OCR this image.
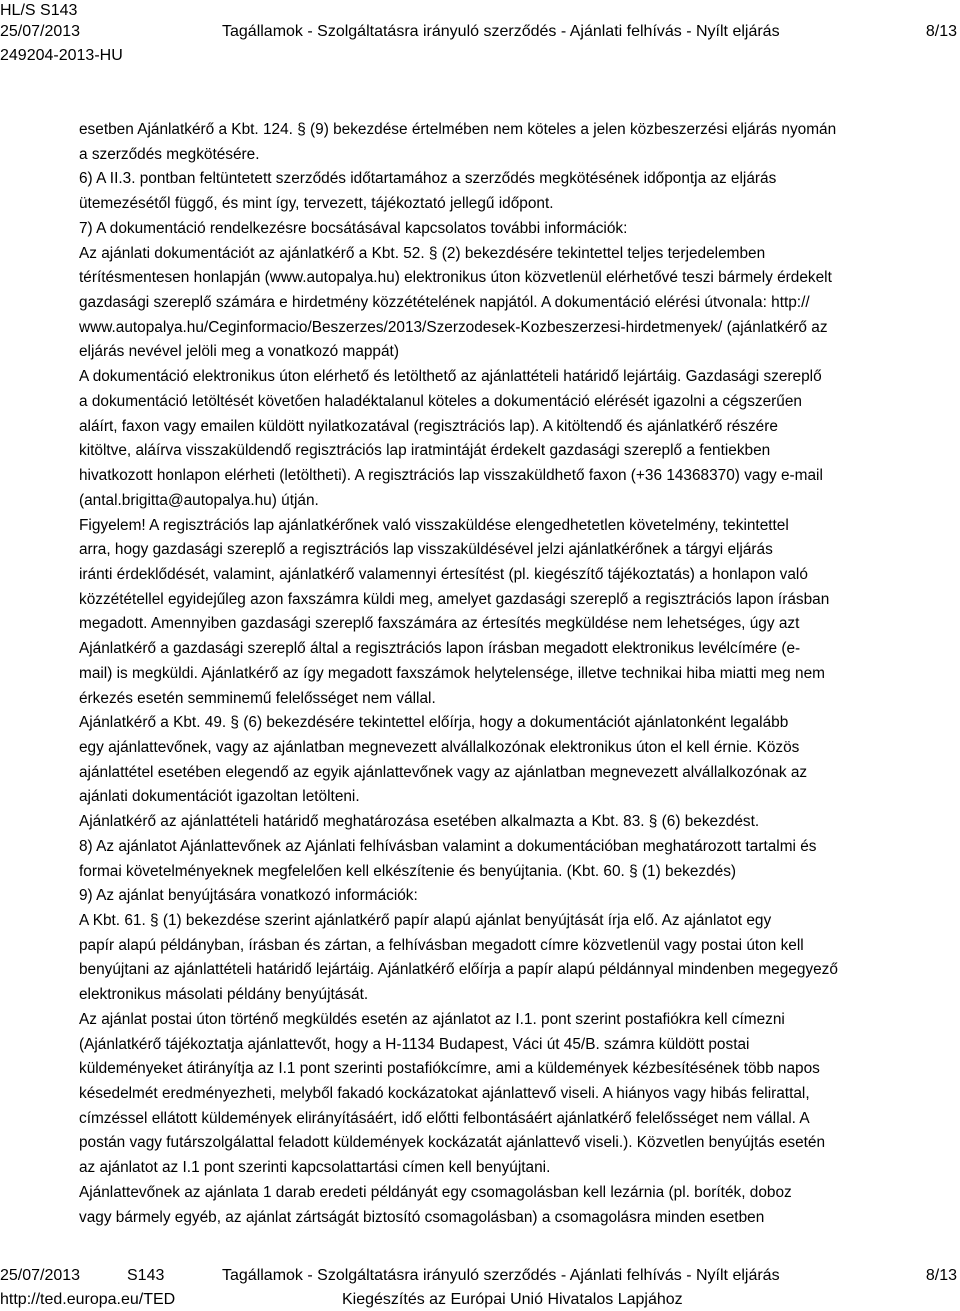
HL/S S143
25/07/2013	Tagállamok - Szolgáltatásra irányuló szerződés - Ajánlati felhívás - Nyílt eljárás	8/13
249204-2013-HU

esetben Ajánlatkérő a Kbt. 124. § (9) bekezdése értelmében nem köteles a jelen közbeszerzési eljárás nyomán

a szerződés megkötésére.

6) A II.3. pontban feltüntetett szerződés időtartamához a szerződés megkötésének időpontja az eljárás

ütemezésétől függő, és mint így, tervezett, tájékoztató jellegű időpont.

7) A dokumentáció rendelkezésre bocsátásával kapcsolatos további információk:

Az ajánlati dokumentációt az ajánlatkérő a Kbt. 52. § (2) bekezdésére tekintettel teljes terjedelemben

térítésmentesen honlapján (www.autopalya.hu) elektronikus úton közvetlenül elérhetővé teszi bármely érdekelt

gazdasági szereplő számára e hirdetmény közzétételének napjától. A dokumentáció elérési útvonala: http://

www.autopalya.hu/Ceginformacio/Beszerzes/2013/Szerzodesek-Kozbeszerzesi-hirdetmenyek/ (ajánlatkérő az

eljárás nevével jelöli meg a vonatkozó mappát)

A dokumentáció elektronikus úton elérhető és letölthető az ajánlattételi határidő lejártáig. Gazdasági szereplő

a dokumentáció letöltését követően haladéktalanul köteles a dokumentáció elérését igazolni a cégszerűen

aláírt, faxon vagy emailen küldött nyilatkozatával (regisztrációs lap). A kitöltendő és ajánlatkérő részére

kitöltve, aláírva visszaküldendő regisztrációs lap iratmintáját érdekelt gazdasági szereplő a fentiekben

hivatkozott honlapon elérheti (letöltheti). A regisztrációs lap visszaküldhető faxon (+36 14368370) vagy e-mail

(antal.brigitta@autopalya.hu) útján.

Figyelem! A regisztrációs lap ajánlatkérőnek való visszaküldése elengedhetetlen követelmény, tekintettel

arra, hogy gazdasági szereplő a regisztrációs lap visszaküldésével jelzi ajánlatkérőnek a tárgyi eljárás

iránti érdeklődését, valamint, ajánlatkérő valamennyi értesítést (pl. kiegészítő tájékoztatás) a honlapon való

közzététellel egyidejűleg azon faxszámra küldi meg, amelyet gazdasági szereplő a regisztrációs lapon írásban

megadott. Amennyiben gazdasági szereplő faxszámára az értesítés megküldése nem lehetséges, úgy azt

Ajánlatkérő a gazdasági szereplő által a regisztrációs lapon írásban megadott elektronikus levélcímére (e-

mail) is megküldi. Ajánlatkérő az így megadott faxszámok helytelensége, illetve technikai hiba miatti meg nem

érkezés esetén semminemű felelősséget nem vállal.

Ajánlatkérő a Kbt. 49. § (6) bekezdésére tekintettel előírja, hogy a dokumentációt ajánlatonként legalább

egy ajánlattevőnek, vagy az ajánlatban megnevezett alvállalkozónak elektronikus úton el kell érnie. Közös

ajánlattétel esetében elegendő az egyik ajánlattevőnek vagy az ajánlatban megnevezett alvállalkozónak az

ajánlati dokumentációt igazoltan letölteni.

Ajánlatkérő az ajánlattételi határidő meghatározása esetében alkalmazta a Kbt. 83. § (6) bekezdést.

8) Az ajánlatot Ajánlattevőnek az Ajánlati felhívásban valamint a dokumentációban meghatározott tartalmi és

formai követelményeknek megfelelően kell elkészítenie és benyújtania. (Kbt. 60. § (1) bekezdés)

9) Az ajánlat benyújtására vonatkozó információk:

A Kbt. 61. § (1) bekezdése szerint ajánlatkérő papír alapú ajánlat benyújtását írja elő. Az ajánlatot egy

papír alapú példányban, írásban és zártan, a felhívásban megadott címre közvetlenül vagy postai úton kell

benyújtani az ajánlattételi határidő lejártáig. Ajánlatkérő előírja a papír alapú példánnyal mindenben megegyező

elektronikus másolati példány benyújtását.

Az ajánlat postai úton történő megküldés esetén az ajánlatot az I.1. pont szerint postafiókra kell címezni

(Ajánlatkérő tájékoztatja ajánlattevőt, hogy a H-1134 Budapest, Váci út 45/B. számra küldött postai

küldeményeket átirányítja az I.1 pont szerinti postafiókcímre, ami a küldemények kézbesítésének több napos

késedelmét eredményezheti, melyből fakadó kockázatokat ajánlattevő viseli. A hiányos vagy hibás felirattal,

címzéssel ellátott küldemények elirányításáért, idő előtti felbontásáért ajánlatkérő felelősséget nem vállal. A

postán vagy futárszolgálattal feladott küldemények kockázatát ajánlattevő viseli.). Közvetlen benyújtás esetén

az ajánlatot az I.1 pont szerinti kapcsolattartási címen kell benyújtani.

Ajánlattevőnek az ajánlata 1 darab eredeti példányát egy csomagolásban kell lezárnia (pl. boríték, doboz

vagy bármely egyéb, az ajánlat zártságát biztosító csomagolásban) a csomagolásra minden esetben

25/07/2013	S143	Tagállamok - Szolgáltatásra irányuló szerződés - Ajánlati felhívás - Nyílt eljárás	8/13
http://ted.europa.eu/TED	Kiegészítés az Európai Unió Hivatalos Lapjához
